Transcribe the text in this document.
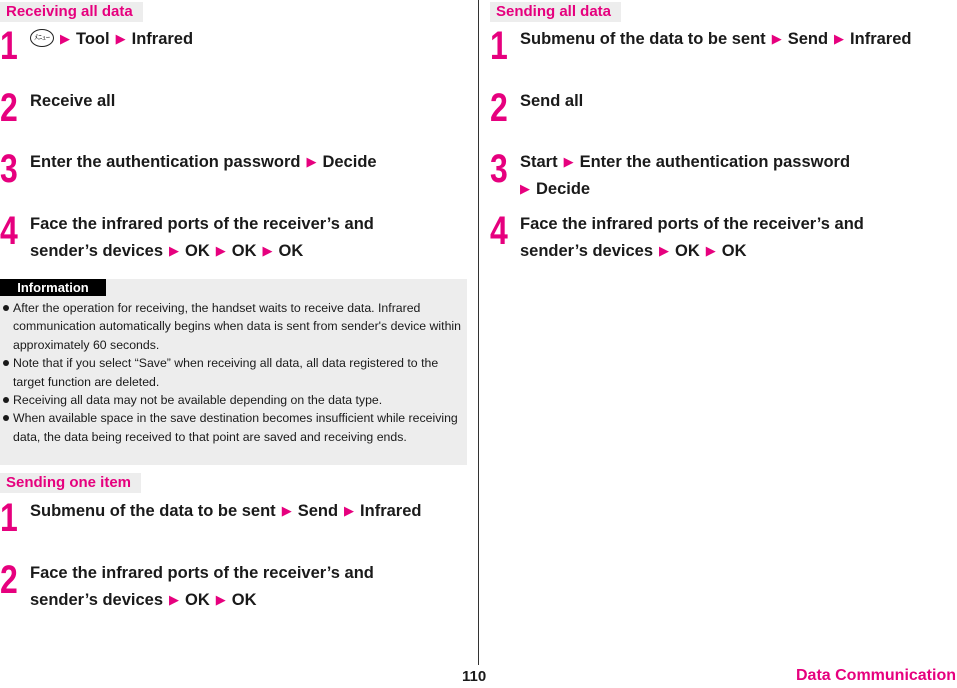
Receiving all data
1	ﾒﾆｭｰ ▶ Tool ▶ Infrared
2 Receive all
3 Enter the authentication password ▶ Decide
4 Face the infrared ports of the receiver’s and
sender’s devices ▶ OK ▶ OK ▶ OK
Information
After the operation for receiving, the handset waits to receive data. Infrared communication automatically begins when data is sent from sender's device within approximately 60 seconds.
Note that if you select “Save” when receiving all data, all data registered to the target function are deleted.
Receiving all data may not be available depending on the data type.
When available space in the save destination becomes insufficient while receiving data, the data being received to that point are saved and receiving ends.
Sending one item
1 Submenu of the data to be sent ▶ Send ▶ Infrared
2 Face the infrared ports of the receiver’s and
sender’s devices ▶ OK ▶ OK
Sending all data
1 Submenu of the data to be sent ▶ Send ▶ Infrared
2 Send all
3 Start ▶ Enter the authentication password
▶ Decide
4 Face the infrared ports of the receiver’s and
sender’s devices ▶ OK ▶ OK
110	Data Communication
